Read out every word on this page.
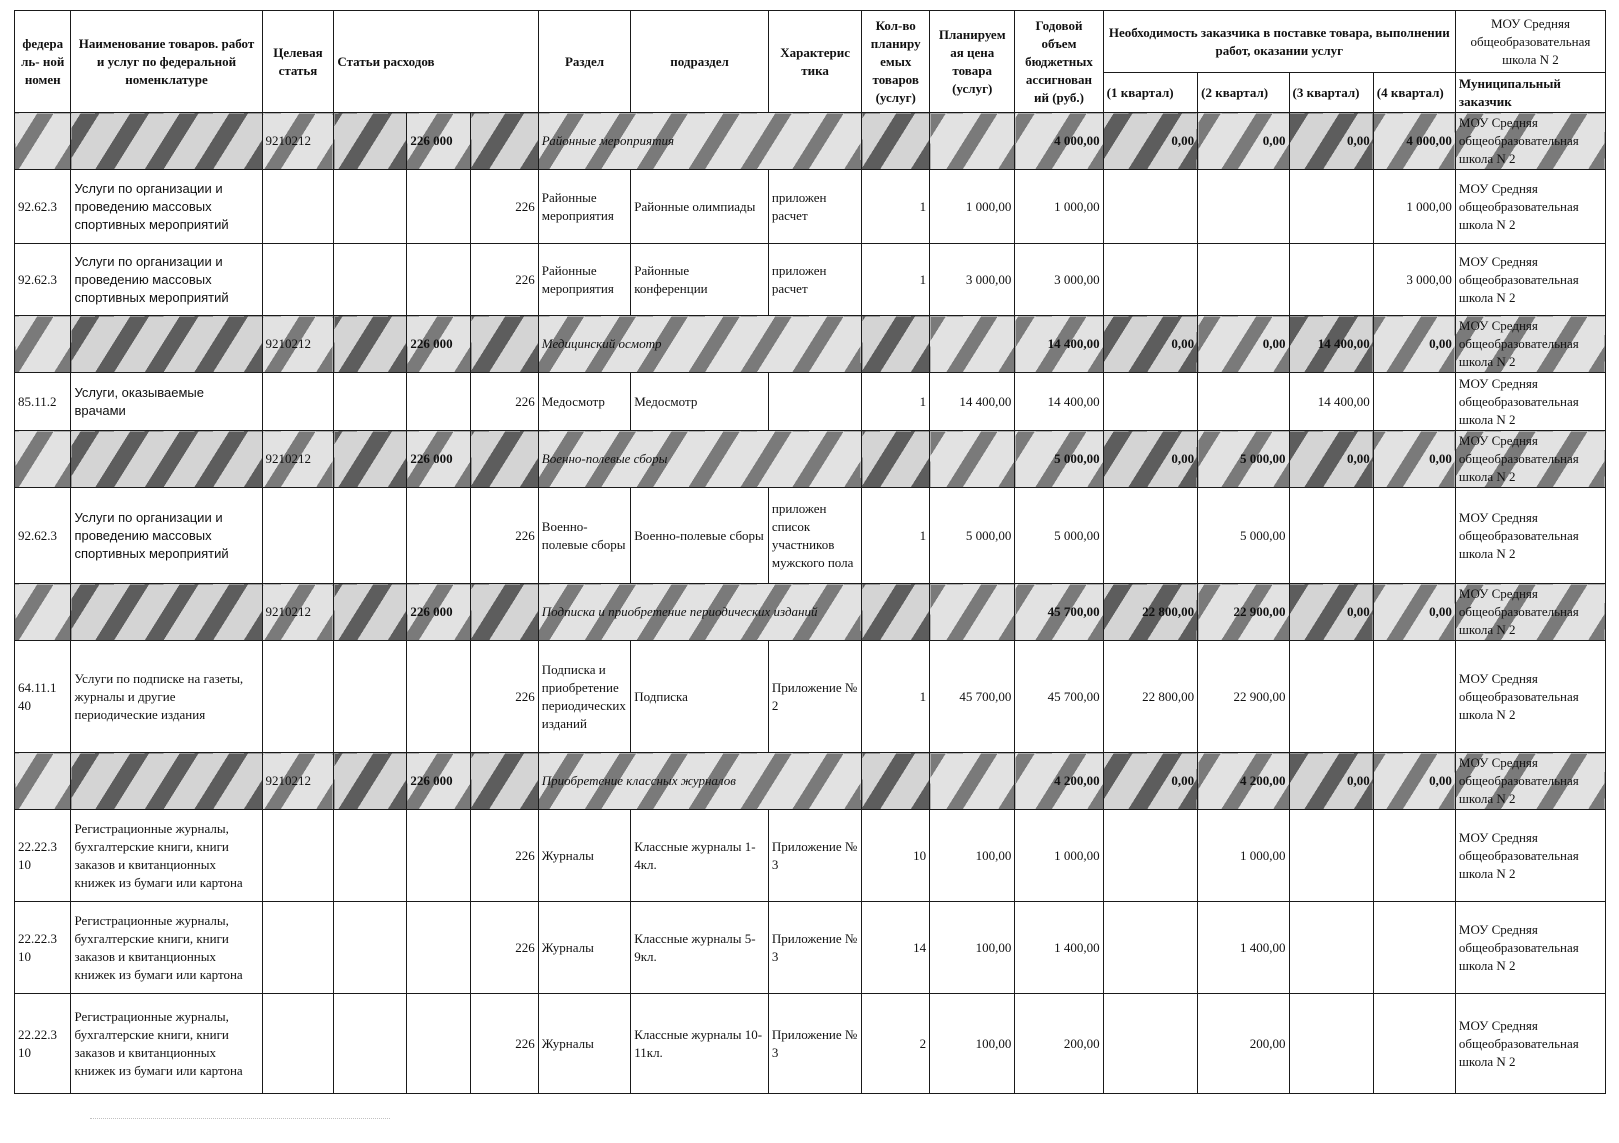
федера ль- ной номен	Наименование товаров. работ и услуг по федеральной номенклатуре	Целевая статья	Статьи расходов			Раздел	подраздел	Характерис тика	Кол-во планиру емых товаров (услуг)	Планируем ая цена товара (услуг)	Годовой объем бюджетных ассигнован ий (руб.)	Необходимость заказчика в поставке товара, выполнении работ, оказании услуг				МОУ Средняя общеобразовательная школа N 2
												(1 квартал)	(2 квартал)	(3 квартал)	(4 квартал)	Муниципальный заказчик
		9210212		226 000		Районные мероприятия					4 000,00	0,00	0,00	0,00	4 000,00	МОУ Средняя общеобразовательная школа N 2
92.62.3	Услуги по организации и проведению массовых спортивных мероприятий				226	Районные мероприятия	Районные олимпиады	приложен расчет	1	1 000,00	1 000,00				1 000,00	МОУ Средняя общеобразовательная школа N 2
92.62.3	Услуги по организации и проведению массовых спортивных мероприятий				226	Районные мероприятия	Районные конференции	приложен расчет	1	3 000,00	3 000,00				3 000,00	МОУ Средняя общеобразовательная школа N 2
		9210212		226 000		Медицинский осмотр					14 400,00	0,00	0,00	14 400,00	0,00	МОУ Средняя общеобразовательная школа N 2
85.11.2	Услуги, оказываемые врачами				226	Медосмотр	Медосмотр		1	14 400,00	14 400,00			14 400,00		МОУ Средняя общеобразовательная школа N 2
		9210212		226 000		Военно-полевые сборы					5 000,00	0,00	5 000,00	0,00	0,00	МОУ Средняя общеобразовательная школа N 2
92.62.3	Услуги по организации и проведению массовых спортивных мероприятий				226	Военно-полевые сборы	Военно-полевые сборы	приложен список участников мужского пола	1	5 000,00	5 000,00		5 000,00			МОУ Средняя общеобразовательная школа N 2
		9210212		226 000		Подписка и приобретение периодических изданий					45 700,00	22 800,00	22 900,00	0,00	0,00	МОУ Средняя общеобразовательная школа N 2
64.11.1 40	Услуги по подписке на газеты, журналы и другие периодические издания				226	Подписка и приобретение периодических изданий	Подписка	Приложение № 2	1	45 700,00	45 700,00	22 800,00	22 900,00			МОУ Средняя общеобразовательная школа N 2
		9210212		226 000		Приобретение классных журналов					4 200,00	0,00	4 200,00	0,00	0,00	МОУ Средняя общеобразовательная школа N 2
22.22.3 10	Регистрационные журналы, бухгалтерские книги, книги заказов и квитанционных книжек из бумаги или картона				226	Журналы	Классные журналы 1-4кл.	Приложение № 3	10	100,00	1 000,00		1 000,00			МОУ Средняя общеобразовательная школа N 2
22.22.3 10	Регистрационные журналы, бухгалтерские книги, книги заказов и квитанционных книжек из бумаги или картона				226	Журналы	Классные журналы 5-9кл.	Приложение № 3	14	100,00	1 400,00		1 400,00			МОУ Средняя общеобразовательная школа N 2
22.22.3 10	Регистрационные журналы, бухгалтерские книги, книги заказов и квитанционных книжек из бумаги или картона				226	Журналы	Классные журналы 10-11кл.	Приложение № 3	2	100,00	200,00		200,00			МОУ Средняя общеобразовательная школа N 2
